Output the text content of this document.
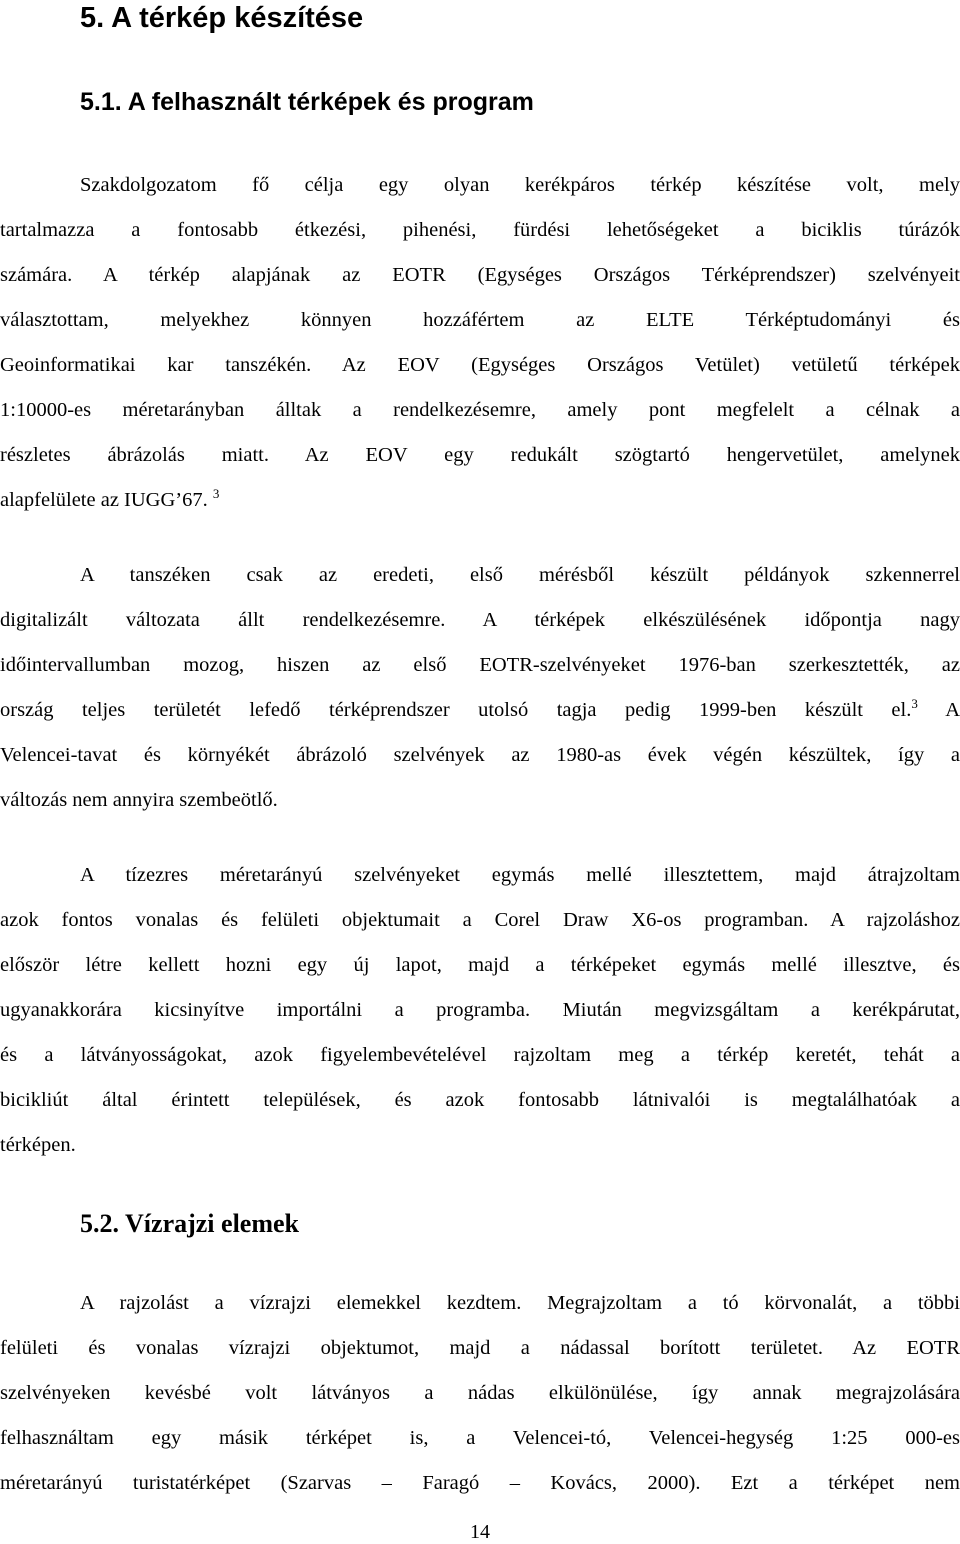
5. A térkép készítése
5.1. A felhasznált térképek és program
Szakdolgozatom fő célja egy olyan kerékpáros térkép készítése volt, mely
tartalmazza a fontosabb étkezési, pihenési, fürdési lehetőségeket a biciklis túrázók
számára. A térkép alapjának az EOTR (Egységes Országos Térképrendszer) szelvényeit
választottam, melyekhez könnyen hozzáfértem az ELTE Térképtudományi és
Geoinformatikai kar tanszékén. Az EOV (Egységes Országos Vetület) vetületű térképek
1:10000-es méretarányban álltak a rendelkezésemre, amely pont megfelelt a célnak a
részletes ábrázolás miatt. Az EOV egy redukált szögtartó hengervetület, amelynek
alapfelülete az IUGG’67. $^3$
A tanszéken csak az eredeti, első mérésből készült példányok szkennerrel
digitalizált változata állt rendelkezésemre. A térképek elkészülésének időpontja nagy
időintervallumban mozog, hiszen az első EOTR-szelvényeket 1976-ban szerkesztették, az
ország teljes területét lefedő térképrendszer utolsó tagja pedig 1999-ben készült el.$^3$ A
Velencei-tavat és környékét ábrázoló szelvények az 1980-as évek végén készültek, így a
változás nem annyira szembeötlő.
A tízezres méretarányú szelvényeket egymás mellé illesztettem, majd átrajzoltam
azok fontos vonalas és felületi objektumait a Corel Draw X6-os programban. A rajzoláshoz
először létre kellett hozni egy új lapot, majd a térképeket egymás mellé illesztve, és
ugyanakkorára kicsinyítve importálni a programba. Miután megvizsgáltam a kerékpárutat,
és a látványosságokat, azok figyelembevételével rajzoltam meg a térkép keretét, tehát a
bicikliút által érintett települések, és azok fontosabb látnivalói is megtalálhatóak a
térképen.
5.2. Vízrajzi elemek
A rajzolást a vízrajzi elemekkel kezdtem. Megrajzoltam a tó körvonalát, a többi
felületi és vonalas vízrajzi objektumot, majd a nádassal borított területet. Az EOTR
szelvényeken kevésbé volt látványos a nádas elkülönülése, így annak megrajzolására
felhasználtam egy másik térképet is, a Velencei-tó, Velencei-hegység 1:25 000-es
méretarányú turistatérképet (Szarvas – Faragó – Kovács, 2000). Ezt a térképet nem
14
